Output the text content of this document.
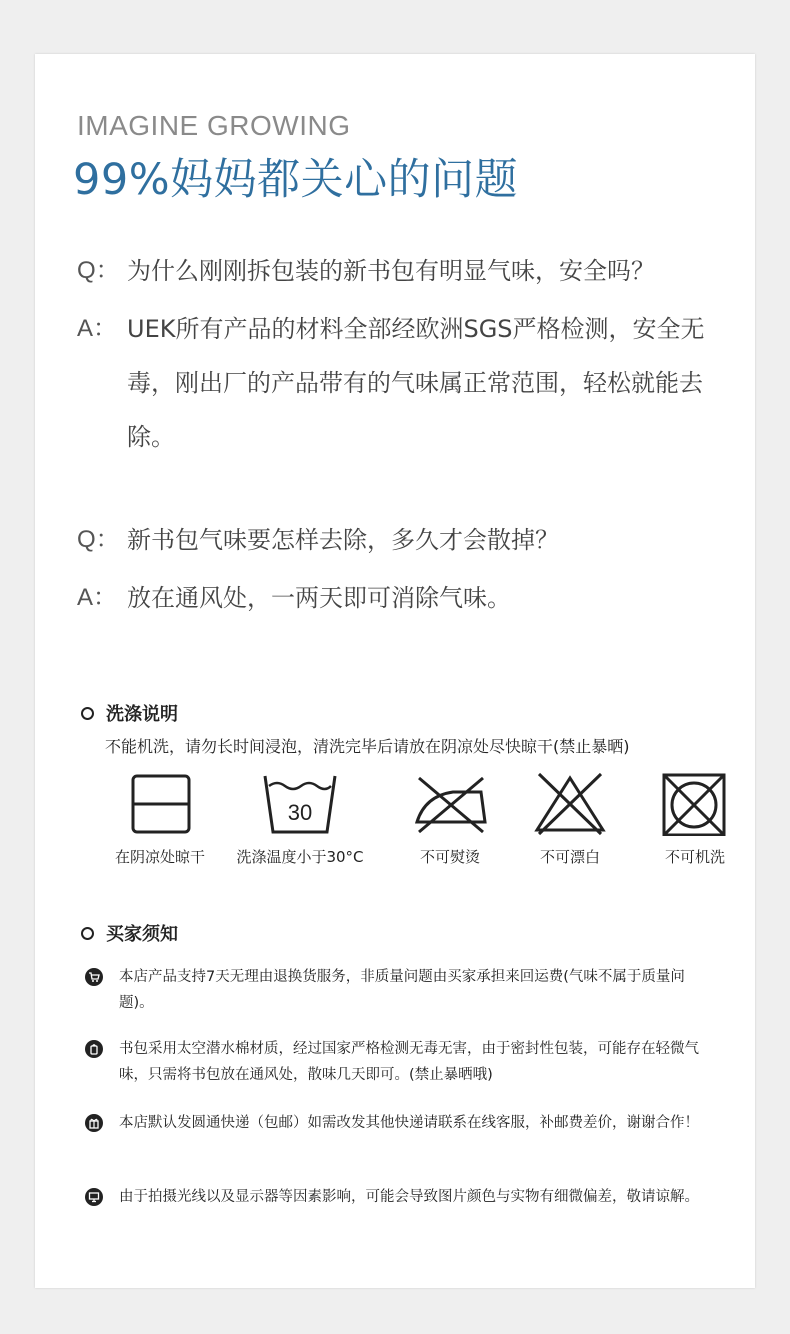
IMAGINE GROWING
99%妈妈都关心的问题
Q： 为什么刚刚拆包装的新书包有明显气味，安全吗？
A： UEK所有产品的材料全部经欧洲SGS严格检测，安全无毒，刚出厂的产品带有的气味属正常范围，轻松就能去除。
Q： 新书包气味要怎样去除，多久才会散掉？
A： 放在通风处，一两天即可消除气味。
洗涤说明
不能机洗，请勿长时间浸泡，清洗完毕后请放在阴凉处尽快晾干(禁止暴晒)
在阴凉处晾干
30
洗涤温度小于30°C	不可熨烫	不可漂白	不可机洗
买家须知
本店产品支持7天无理由退换货服务，非质量问题由买家承担来回运费(气味不属于质量问题)。
书包采用太空潜水棉材质，经过国家严格检测无毒无害，由于密封性包装，可能存在轻微气味，只需将书包放在通风处，散味几天即可。(禁止暴晒哦)
本店默认发圆通快递（包邮）如需改发其他快递请联系在线客服，补邮费差价，谢谢合作！
由于拍摄光线以及显示器等因素影响，可能会导致图片颜色与实物有细微偏差，敬请谅解。
